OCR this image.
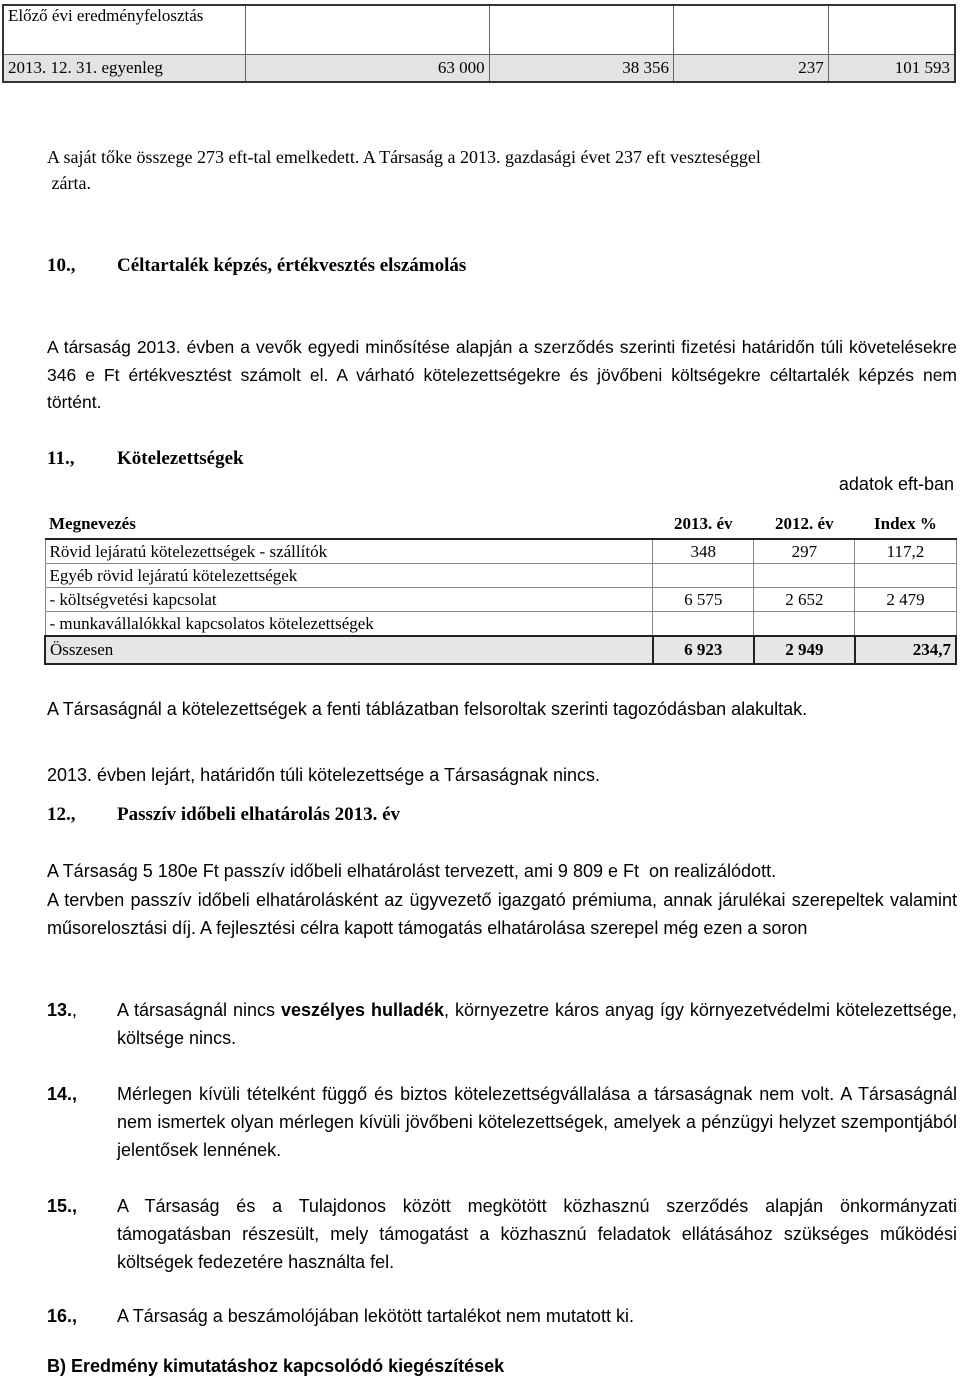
Előző évi eredményfelosztás				
2013. 12. 31. egyenleg	63 000	38 356	237	101 593
A saját tőke összege 273 eft-tal emelkedett. A Társaság a 2013. gazdasági évet 237 eft veszteséggel
zárta.
10., Céltartalék képzés, értékvesztés elszámolás
A társaság 2013. évben a vevők egyedi minősítése alapján a szerződés szerinti fizetési határidőn túli követelésekre 346 e Ft értékvesztést számolt el. A várható kötelezettségekre és jövőbeni költségekre céltartalék képzés nem történt.
11., Kötelezettségek
adatok eft-ban
Megnevezés	2013. év	2012. év	Index %
Rövid lejáratú kötelezettségek - szállítók	348	297	117,2
Egyéb rövid lejáratú kötelezettségek			
- költségvetési kapcsolat	6 575	2 652	2 479
- munkavállalókkal kapcsolatos kötelezettségek			
Összesen	6 923	2 949	234,7
A Társaságnál a kötelezettségek a fenti táblázatban felsoroltak szerinti tagozódásban alakultak.
2013. évben lejárt, határidőn túli kötelezettsége a Társaságnak nincs.
12., Passzív időbeli elhatárolás 2013. év
A Társaság 5 180e Ft passzív időbeli elhatárolást tervezett, ami 9 809 e Ft  on realizálódott.
A tervben passzív időbeli elhatárolásként az ügyvezető igazgató prémiuma, annak járulékai szerepeltek valamint műsorelosztási díj. A fejlesztési célra kapott támogatás elhatárolása szerepel még ezen a soron
13., A társaságnál nincs veszélyes hulladék, környezetre káros anyag így környezetvédelmi kötelezettsége, költsége nincs.
14., Mérlegen kívüli tételként függő és biztos kötelezettségvállalása a társaságnak nem volt. A Társaságnál nem ismertek olyan mérlegen kívüli jövőbeni kötelezettségek, amelyek a pénzügyi helyzet szempontjából jelentősek lennének.
15., A Társaság és a Tulajdonos között megkötött közhasznú szerződés alapján önkormányzati támogatásban részesült, mely támogatást a közhasznú feladatok ellátásához szükséges működési költségek fedezetére használta fel.
16., A Társaság a beszámolójában lekötött tartalékot nem mutatott ki.
B) Eredmény kimutatáshoz kapcsolódó kiegészítések
